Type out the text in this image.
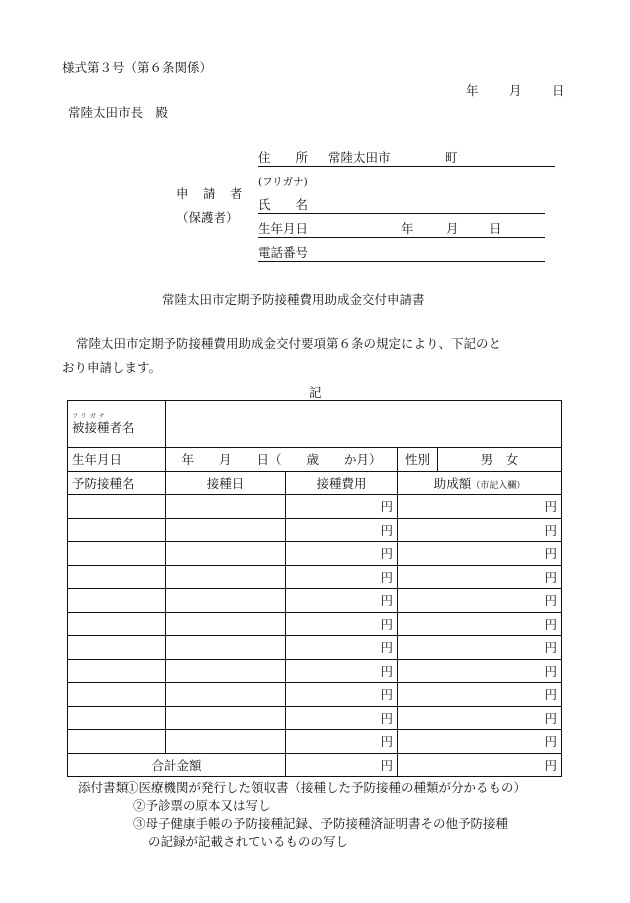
様式第３号（第６条関係）
年 月 日
常陸太田市長　殿
申　請　者
（保護者）
住　　所 常陸太田市	町
(フリガナ)
氏　　名
生年月日	年	月 日
電話番号
常陸太田市定期予防接種費用助成金交付申請書
常陸太田市定期予防接種費用助成金交付要項第６条の規定により、下記のと
おり申請します。
記
フリガナ
被接種者名				
生年月日	年　　月　　日（　　歳　　か月）		性別	男　女
予防接種名	接種日	接種費用	助成額（市記入欄）	
		円	円	
		円	円	
		円	円	
		円	円	
		円	円	
		円	円	
		円	円	
		円	円	
		円	円	
		円	円	
		円	円	
合計金額		円	円	
添付書類
①医療機関が発行した領収書（接種した予防接種の種類が分かるもの）
②予診票の原本又は写し
③母子健康手帳の予防接種記録、予防接種済証明書その他予防接種
の記録が記載されているものの写し
